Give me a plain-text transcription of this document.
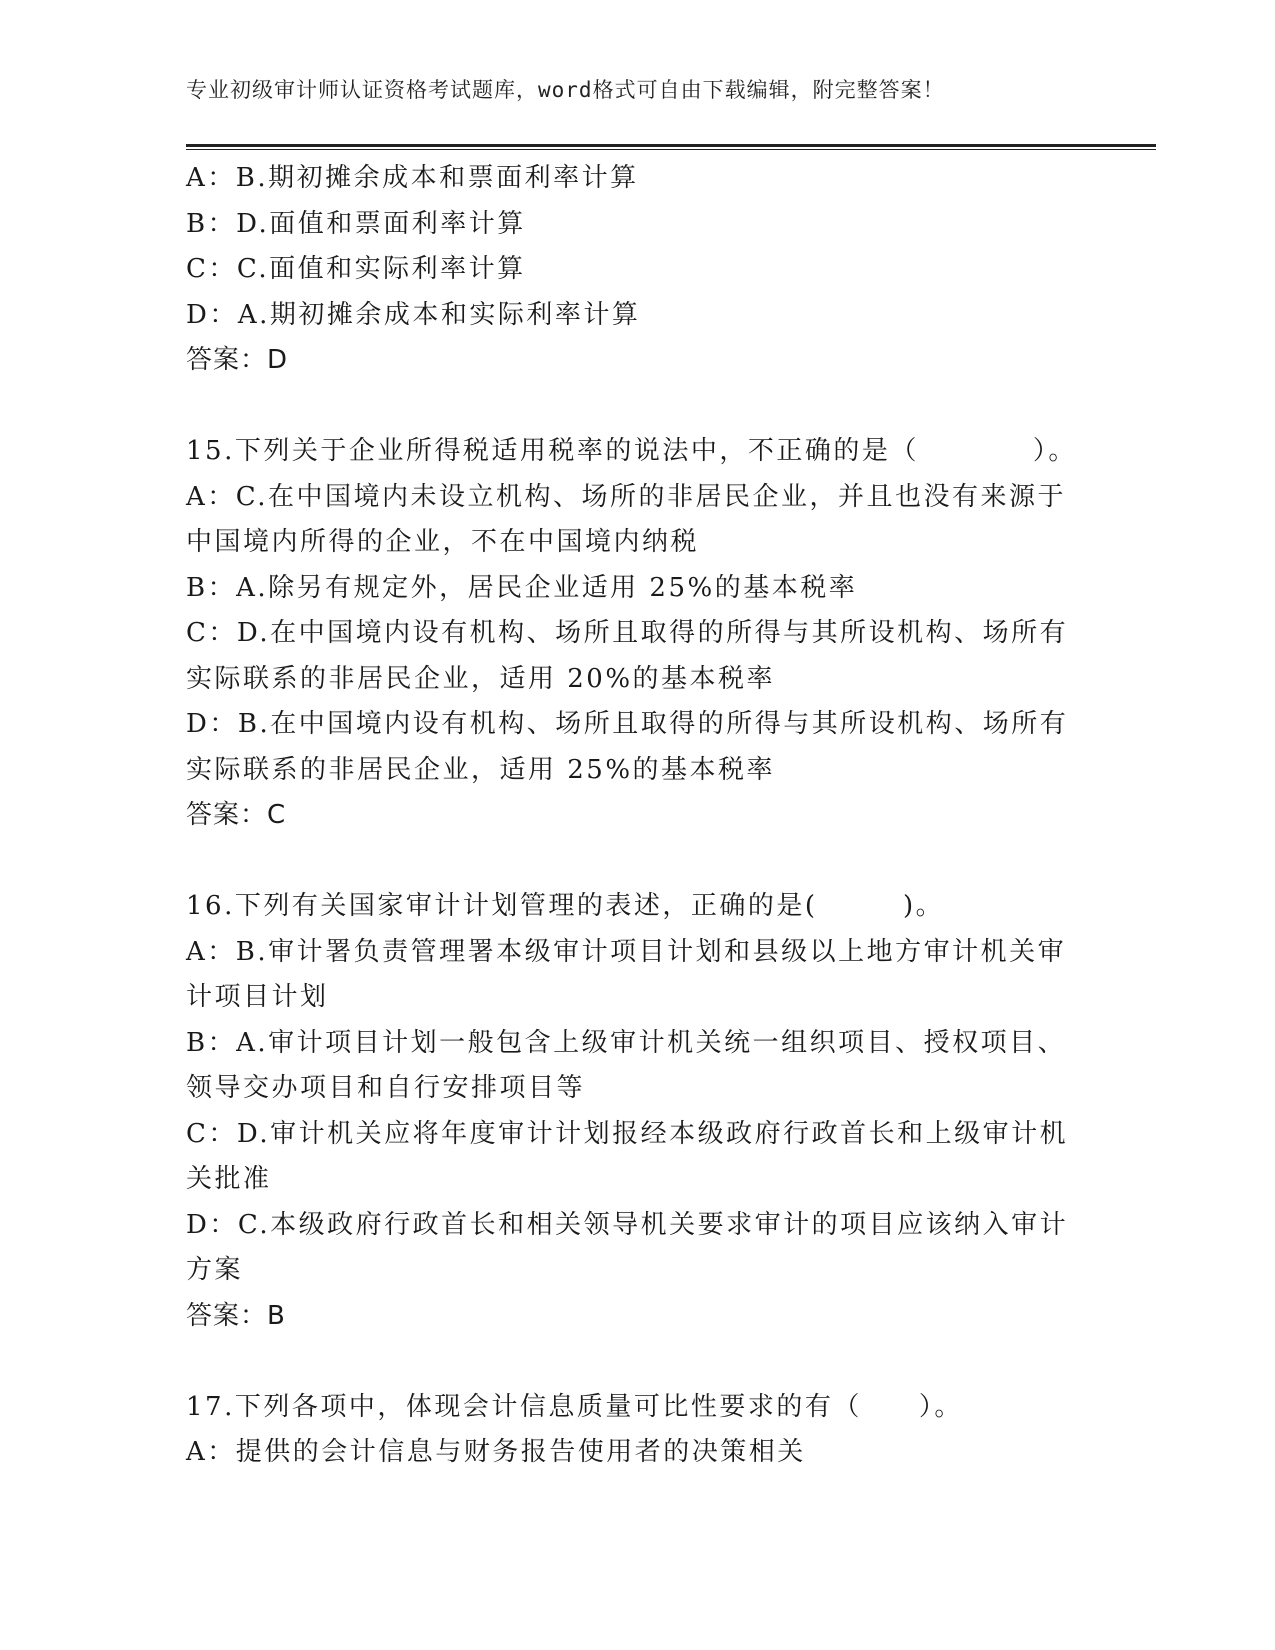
专业初级审计师认证资格考试题库，word格式可自由下载编辑，附完整答案！
A：B.期初摊余成本和票面利率计算
B：D.面值和票面利率计算
C：C.面值和实际利率计算
D：A.期初摊余成本和实际利率计算
答案：D
15.下列关于企业所得税适用税率的说法中，不正确的是（　　　　）。
A：C.在中国境内未设立机构、场所的非居民企业，并且也没有来源于
中国境内所得的企业，不在中国境内纳税
B：A.除另有规定外，居民企业适用 25%的基本税率
C：D.在中国境内设有机构、场所且取得的所得与其所设机构、场所有
实际联系的非居民企业，适用 20%的基本税率
D：B.在中国境内设有机构、场所且取得的所得与其所设机构、场所有
实际联系的非居民企业，适用 25%的基本税率
答案：C
16.下列有关国家审计计划管理的表述，正确的是(　　　)。
A：B.审计署负责管理署本级审计项目计划和县级以上地方审计机关审
计项目计划
B：A.审计项目计划一般包含上级审计机关统一组织项目、授权项目、
领导交办项目和自行安排项目等
C：D.审计机关应将年度审计计划报经本级政府行政首长和上级审计机
关批准
D：C.本级政府行政首长和相关领导机关要求审计的项目应该纳入审计
方案
答案：B
17.下列各项中，体现会计信息质量可比性要求的有（　　）。
A：提供的会计信息与财务报告使用者的决策相关
